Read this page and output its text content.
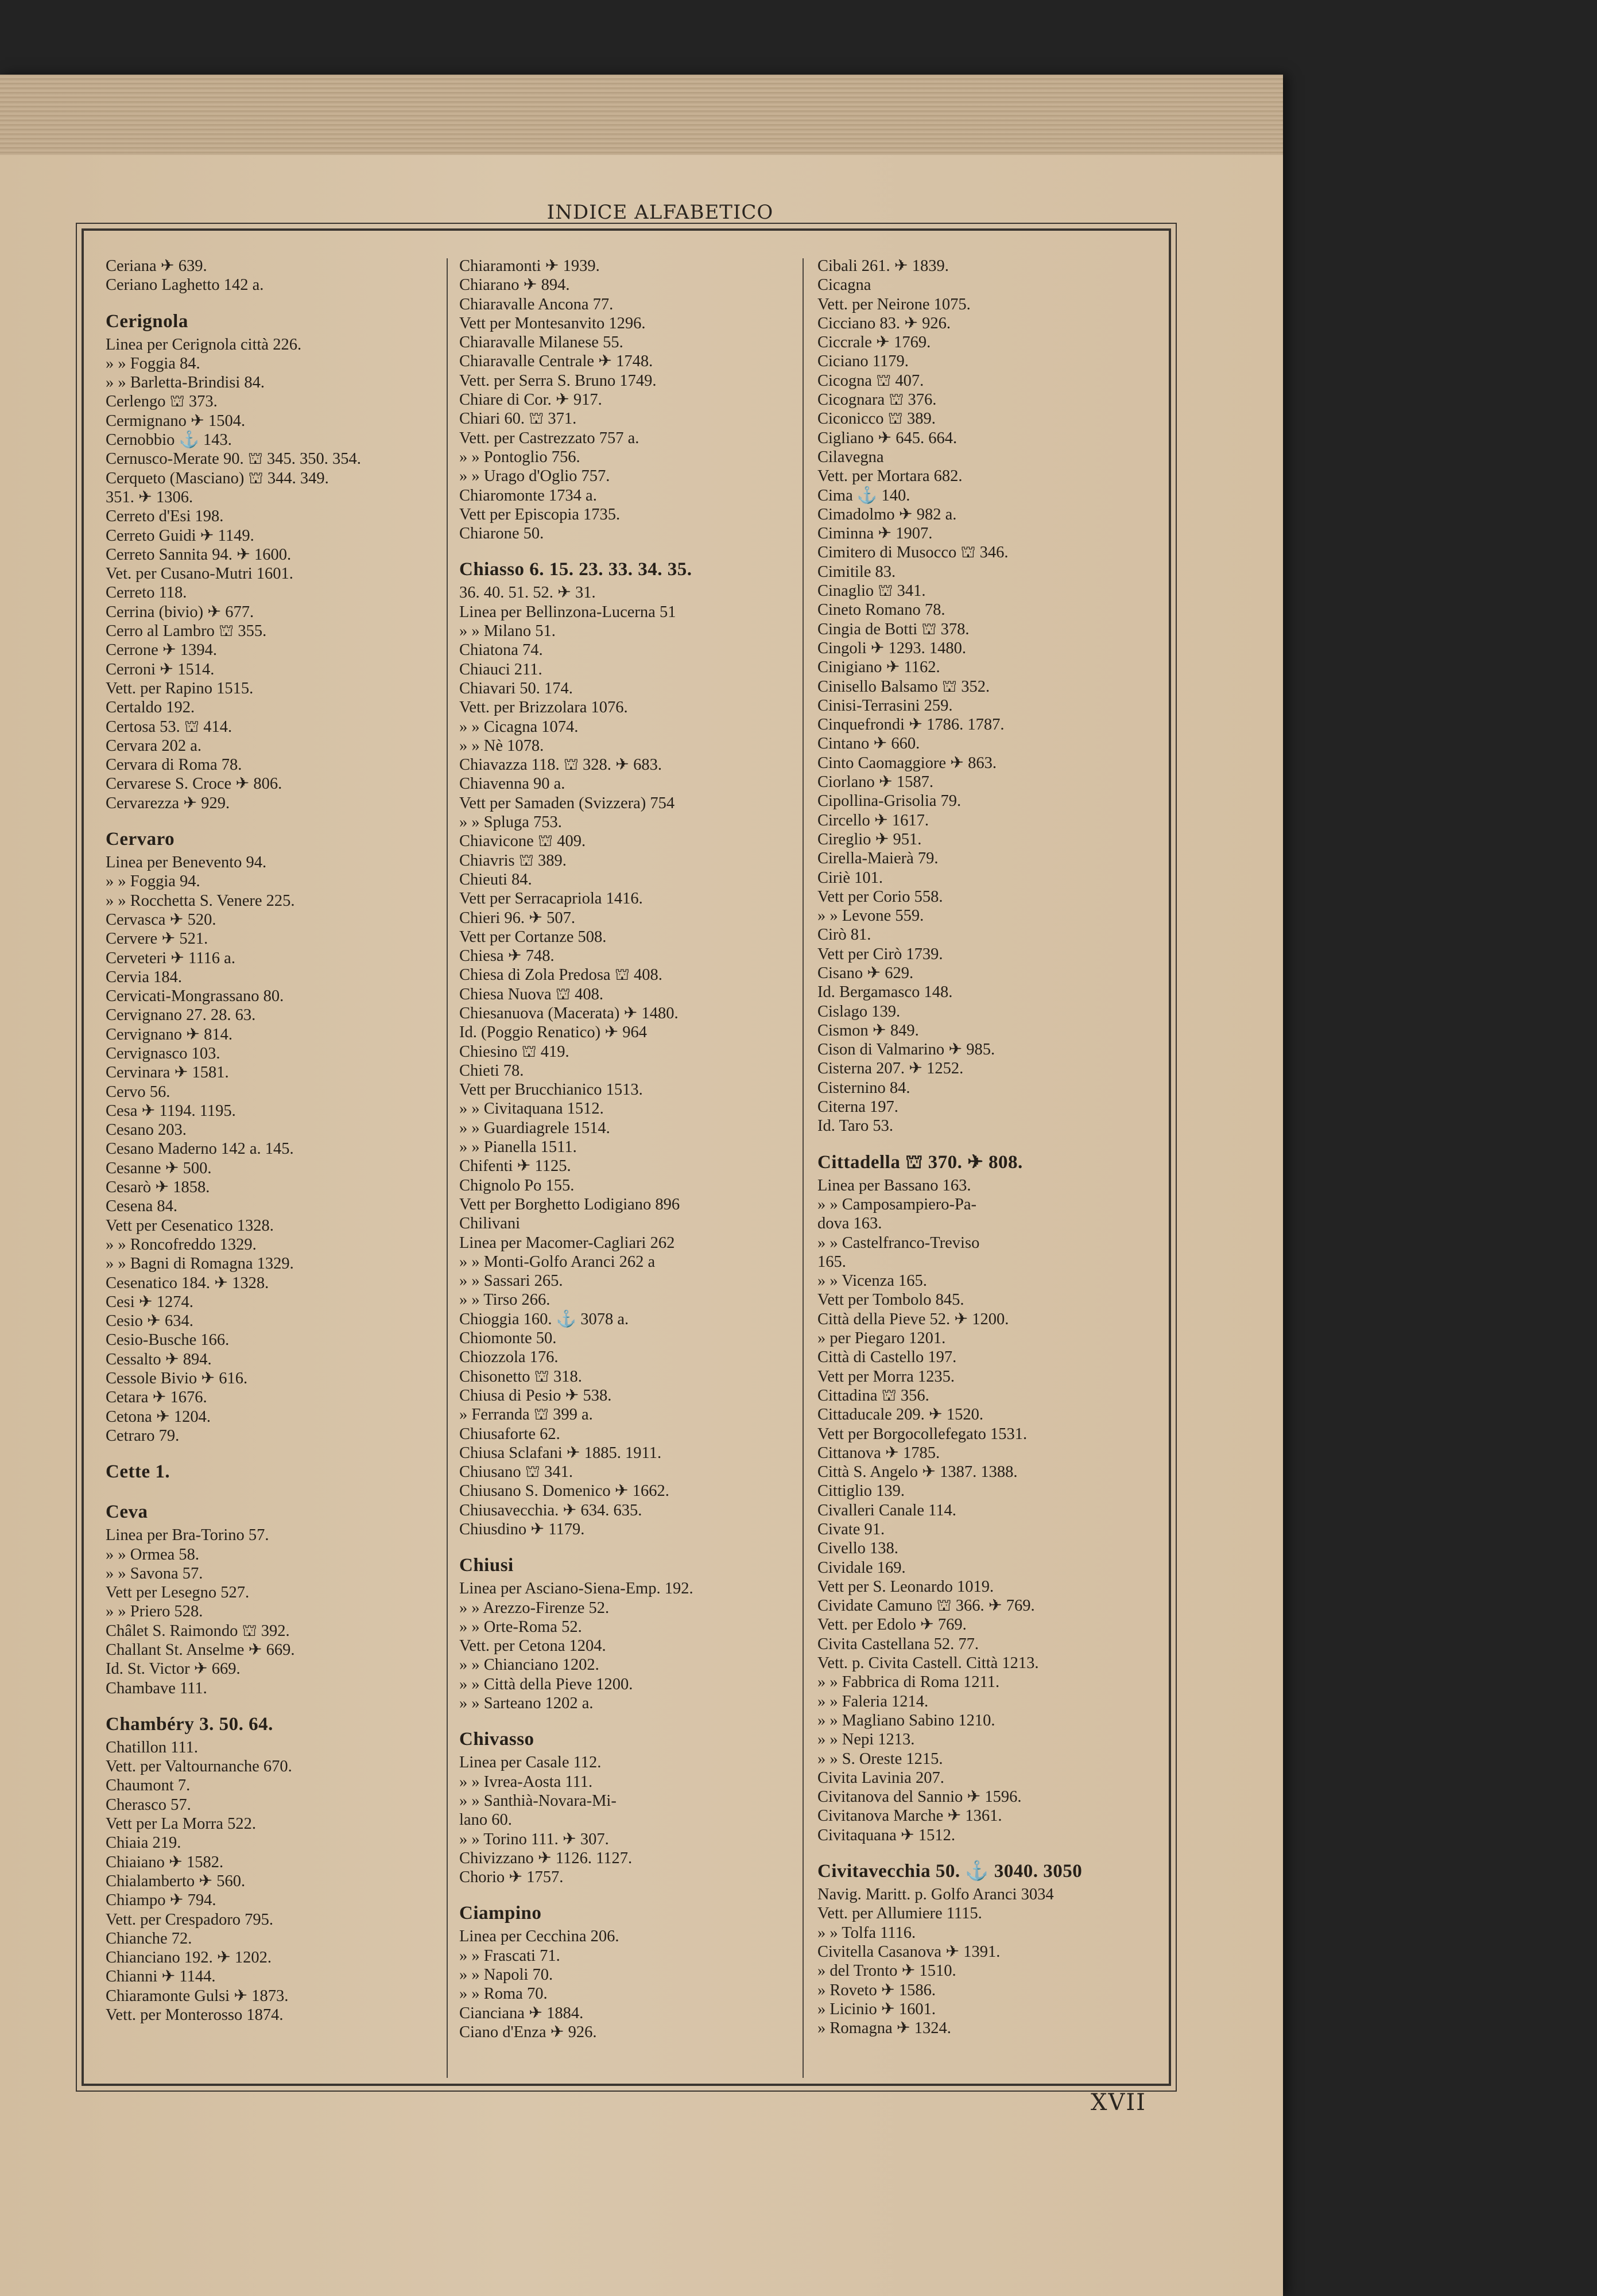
INDICE ALFABETICO
Ceriana ✈ 639.
Ceriano Laghetto 142 a.
Cerignola
Linea per Cerignola città 226.
» » Foggia 84.
» » Barletta-Brindisi 84.
Cerlengo ⛫ 373.
Cermignano ✈ 1504.
Cernobbio ⚓ 143.
Cernusco-Merate 90. ⛫ 345. 350. 354.
Cerqueto (Masciano) ⛫ 344. 349.
351. ✈ 1306.
Cerreto d'Esi 198.
Cerreto Guidi ✈ 1149.
Cerreto Sannita 94. ✈ 1600.
Vet. per Cusano-Mutri 1601.
Cerreto 118.
Cerrina (bivio) ✈ 677.
Cerro al Lambro ⛫ 355.
Cerrone ✈ 1394.
Cerroni ✈ 1514.
Vett. per Rapino 1515.
Certaldo 192.
Certosa 53. ⛫ 414.
Cervara 202 a.
Cervara di Roma 78.
Cervarese S. Croce ✈ 806.
Cervarezza ✈ 929.
Cervaro
Linea per Benevento 94.
» » Foggia 94.
» » Rocchetta S. Venere 225.
Cervasca ✈ 520.
Cervere ✈ 521.
Cerveteri ✈ 1116 a.
Cervia 184.
Cervicati-Mongrassano 80.
Cervignano 27. 28. 63.
Cervignano ✈ 814.
Cervignasco 103.
Cervinara ✈ 1581.
Cervo 56.
Cesa ✈ 1194. 1195.
Cesano 203.
Cesano Maderno 142 a. 145.
Cesanne ✈ 500.
Cesarò ✈ 1858.
Cesena 84.
Vett per Cesenatico 1328.
» » Roncofreddo 1329.
» » Bagni di Romagna 1329.
Cesenatico 184. ✈ 1328.
Cesi ✈ 1274.
Cesio ✈ 634.
Cesio-Busche 166.
Cessalto ✈ 894.
Cessole Bivio ✈ 616.
Cetara ✈ 1676.
Cetona ✈ 1204.
Cetraro 79.
Cette 1.
Ceva
Linea per Bra-Torino 57.
» » Ormea 58.
» » Savona 57.
Vett per Lesegno 527.
» » Priero 528.
Châlet S. Raimondo ⛫ 392.
Challant St. Anselme ✈ 669.
Id. St. Victor ✈ 669.
Chambave 111.
Chambéry 3. 50. 64.
Chatillon 111.
Vett. per Valtournanche 670.
Chaumont 7.
Cherasco 57.
Vett per La Morra 522.
Chiaia 219.
Chiaiano ✈ 1582.
Chialamberto ✈ 560.
Chiampo ✈ 794.
Vett. per Crespadoro 795.
Chianche 72.
Chianciano 192. ✈ 1202.
Chianni ✈ 1144.
Chiaramonte Gulsi ✈ 1873.
Vett. per Monterosso 1874.
Chiaramonti ✈ 1939.
Chiarano ✈ 894.
Chiaravalle Ancona 77.
Vett per Montesanvito 1296.
Chiaravalle Milanese 55.
Chiaravalle Centrale ✈ 1748.
Vett. per Serra S. Bruno 1749.
Chiare di Cor. ✈ 917.
Chiari 60. ⛫ 371.
Vett. per Castrezzato 757 a.
» » Pontoglio 756.
» » Urago d'Oglio 757.
Chiaromonte 1734 a.
Vett per Episcopia 1735.
Chiarone 50.
Chiasso 6. 15. 23. 33. 34. 35.
36. 40. 51. 52. ✈ 31.
Linea per Bellinzona-Lucerna 51
» » Milano 51.
Chiatona 74.
Chiauci 211.
Chiavari 50. 174.
Vett. per Brizzolara 1076.
» » Cicagna 1074.
» » Nè 1078.
Chiavazza 118. ⛫ 328. ✈ 683.
Chiavenna 90 a.
Vett per Samaden (Svizzera) 754
» » Spluga 753.
Chiavicone ⛫ 409.
Chiavris ⛫ 389.
Chieuti 84.
Vett per Serracapriola 1416.
Chieri 96. ✈ 507.
Vett per Cortanze 508.
Chiesa ✈ 748.
Chiesa di Zola Predosa ⛫ 408.
Chiesa Nuova ⛫ 408.
Chiesanuova (Macerata) ✈ 1480.
Id. (Poggio Renatico) ✈ 964
Chiesino ⛫ 419.
Chieti 78.
Vett per Brucchianico 1513.
» » Civitaquana 1512.
» » Guardiagrele 1514.
» » Pianella 1511.
Chifenti ✈ 1125.
Chignolo Po 155.
Vett per Borghetto Lodigiano 896
Chilivani
Linea per Macomer-Cagliari 262
» » Monti-Golfo Aranci 262 a
» » Sassari 265.
» » Tirso 266.
Chioggia 160. ⚓ 3078 a.
Chiomonte 50.
Chiozzola 176.
Chisonetto ⛫ 318.
Chiusa di Pesio ✈ 538.
» Ferranda ⛫ 399 a.
Chiusaforte 62.
Chiusa Sclafani ✈ 1885. 1911.
Chiusano ⛫ 341.
Chiusano S. Domenico ✈ 1662.
Chiusavecchia. ✈ 634. 635.
Chiusdino ✈ 1179.
Chiusi
Linea per Asciano-Siena-Emp. 192.
» » Arezzo-Firenze 52.
» » Orte-Roma 52.
Vett. per Cetona 1204.
» » Chianciano 1202.
» » Città della Pieve 1200.
» » Sarteano 1202 a.
Chivasso
Linea per Casale 112.
» » Ivrea-Aosta 111.
» » Santhià-Novara-Mi-
lano 60.
» » Torino 111. ✈ 307.
Chivizzano ✈ 1126. 1127.
Chorio ✈ 1757.
Ciampino
Linea per Cecchina 206.
» » Frascati 71.
» » Napoli 70.
» » Roma 70.
Cianciana ✈ 1884.
Ciano d'Enza ✈ 926.
Cibali 261. ✈ 1839.
Cicagna
Vett. per Neirone 1075.
Cicciano 83. ✈ 926.
Ciccrale ✈ 1769.
Ciciano 1179.
Cicogna ⛫ 407.
Cicognara ⛫ 376.
Ciconicco ⛫ 389.
Cigliano ✈ 645. 664.
Cilavegna
Vett. per Mortara 682.
Cima ⚓ 140.
Cimadolmo ✈ 982 a.
Ciminna ✈ 1907.
Cimitero di Musocco ⛫ 346.
Cimitile 83.
Cinaglio ⛫ 341.
Cineto Romano 78.
Cingia de Botti ⛫ 378.
Cingoli ✈ 1293. 1480.
Cinigiano ✈ 1162.
Cinisello Balsamo ⛫ 352.
Cinisi-Terrasini 259.
Cinquefrondi ✈ 1786. 1787.
Cintano ✈ 660.
Cinto Caomaggiore ✈ 863.
Ciorlano ✈ 1587.
Cipollina-Grisolia 79.
Circello ✈ 1617.
Cireglio ✈ 951.
Cirella-Maierà 79.
Ciriè 101.
Vett per Corio 558.
» » Levone 559.
Cirò 81.
Vett per Cirò 1739.
Cisano ✈ 629.
Id. Bergamasco 148.
Cislago 139.
Cismon ✈ 849.
Cison di Valmarino ✈ 985.
Cisterna 207. ✈ 1252.
Cisternino 84.
Citerna 197.
Id. Taro 53.
Cittadella ⛫ 370. ✈ 808.
Linea per Bassano 163.
» » Camposampiero-Pa-
dova 163.
» » Castelfranco-Treviso
165.
» » Vicenza 165.
Vett per Tombolo 845.
Città della Pieve 52. ✈ 1200.
» per Piegaro 1201.
Città di Castello 197.
Vett per Morra 1235.
Cittadina ⛫ 356.
Cittaducale 209. ✈ 1520.
Vett per Borgocollefegato 1531.
Cittanova ✈ 1785.
Città S. Angelo ✈ 1387. 1388.
Cittiglio 139.
Civalleri Canale 114.
Civate 91.
Civello 138.
Cividale 169.
Vett per S. Leonardo 1019.
Cividate Camuno ⛫ 366. ✈ 769.
Vett. per Edolo ✈ 769.
Civita Castellana 52. 77.
Vett. p. Civita Castell. Città 1213.
» » Fabbrica di Roma 1211.
» » Faleria 1214.
» » Magliano Sabino 1210.
» » Nepi 1213.
» » S. Oreste 1215.
Civita Lavinia 207.
Civitanova del Sannio ✈ 1596.
Civitanova Marche ✈ 1361.
Civitaquana ✈ 1512.
Civitavecchia 50. ⚓ 3040. 3050
Navig. Maritt. p. Golfo Aranci 3034
Vett. per Allumiere 1115.
» » Tolfa 1116.
Civitella Casanova ✈ 1391.
» del Tronto ✈ 1510.
» Roveto ✈ 1586.
» Licinio ✈ 1601.
» Romagna ✈ 1324.
XVII
